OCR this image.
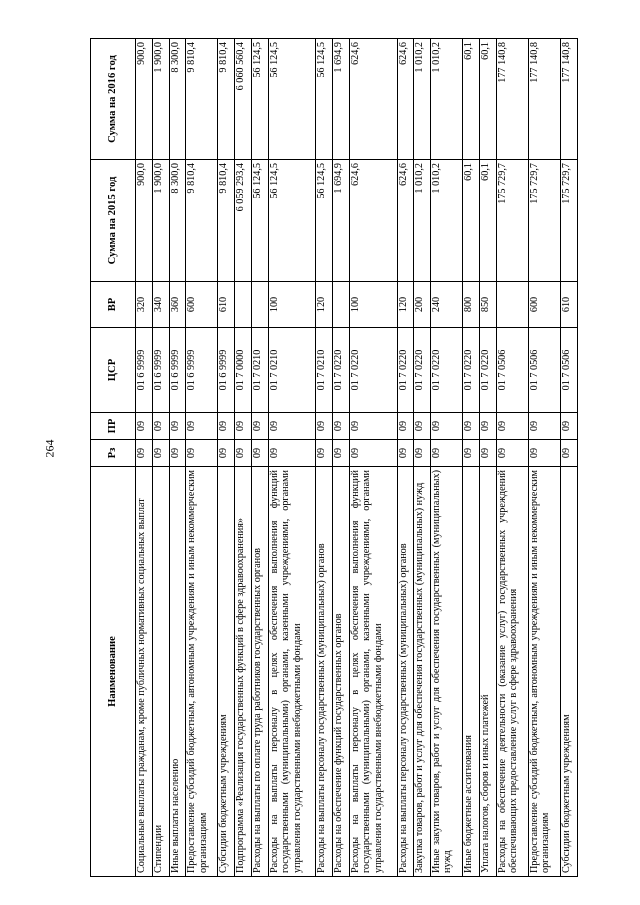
264
Наименование	Рз	ПР	ЦСР	ВР	Сумма на 2015 год	Сумма на 2016 год
Социальные выплаты гражданам, кроме публичных нормативных социальных выплат	09	09	01 6 9999	320	900,0	900,0
Стипендии	09	09	01 6 9999	340	1 900,0	1 900,0
Иные выплаты населению	09	09	01 6 9999	360	8 300,0	8 300,0
Предоставление субсидий бюджетным, автономным учреждениям и иным некоммерческим организациям	09	09	01 6 9999	600	9 810,4	9 810,4
Субсидии бюджетным учреждениям	09	09	01 6 9999	610	9 810,4	9 810,4
Подпрограмма «Реализация государственных функций в сфере здравоохранения»	09	09	01 7 0000		6 059 293,4	6 060 560,4
Расходы на выплаты по оплате труда работников государственных органов	09	09	01 7 0210		56 124,5	56 124,5
Расходы на выплаты персоналу в целях обеспечения выполнения функций государственными (муниципальными) органами, казенными учреждениями, органами управления государственными внебюджетными фондами	09	09	01 7 0210	100	56 124,5	56 124,5
Расходы на выплаты персоналу государственных (муниципальных) органов	09	09	01 7 0210	120	56 124,5	56 124,5
Расходы на обеспечение функций государственных органов	09	09	01 7 0220		1 694,9	1 694,9
Расходы на выплаты персоналу в целях обеспечения выполнения функций государственными (муниципальными) органами, казенными учреждениями, органами управления государственными внебюджетными фондами	09	09	01 7 0220	100	624,6	624,6
Расходы на выплаты персоналу государственных (муниципальных) органов	09	09	01 7 0220	120	624,6	624,6
Закупка товаров, работ и услуг для обеспечения государственных (муниципальных) нужд	09	09	01 7 0220	200	1 010,2	1 010,2
Иные закупки товаров, работ и услуг для обеспечения государственных (муниципальных) нужд	09	09	01 7 0220	240	1 010,2	1 010,2
Иные бюджетные ассигнования	09	09	01 7 0220	800	60,1	60,1
Уплата налогов, сборов и иных платежей	09	09	01 7 0220	850	60,1	60,1
Расходы на обеспечение деятельности (оказание услуг) государственных учреждений обеспечивающих предоставление услуг в сфере здравоохранения	09	09	01 7 0506		175 729,7	177 140,8
Предоставление субсидий бюджетным, автономным учреждениям и иным некоммерческим организациям	09	09	01 7 0506	600	175 729,7	177 140,8
Субсидии бюджетным учреждениям	09	09	01 7 0506	610	175 729,7	177 140,8
